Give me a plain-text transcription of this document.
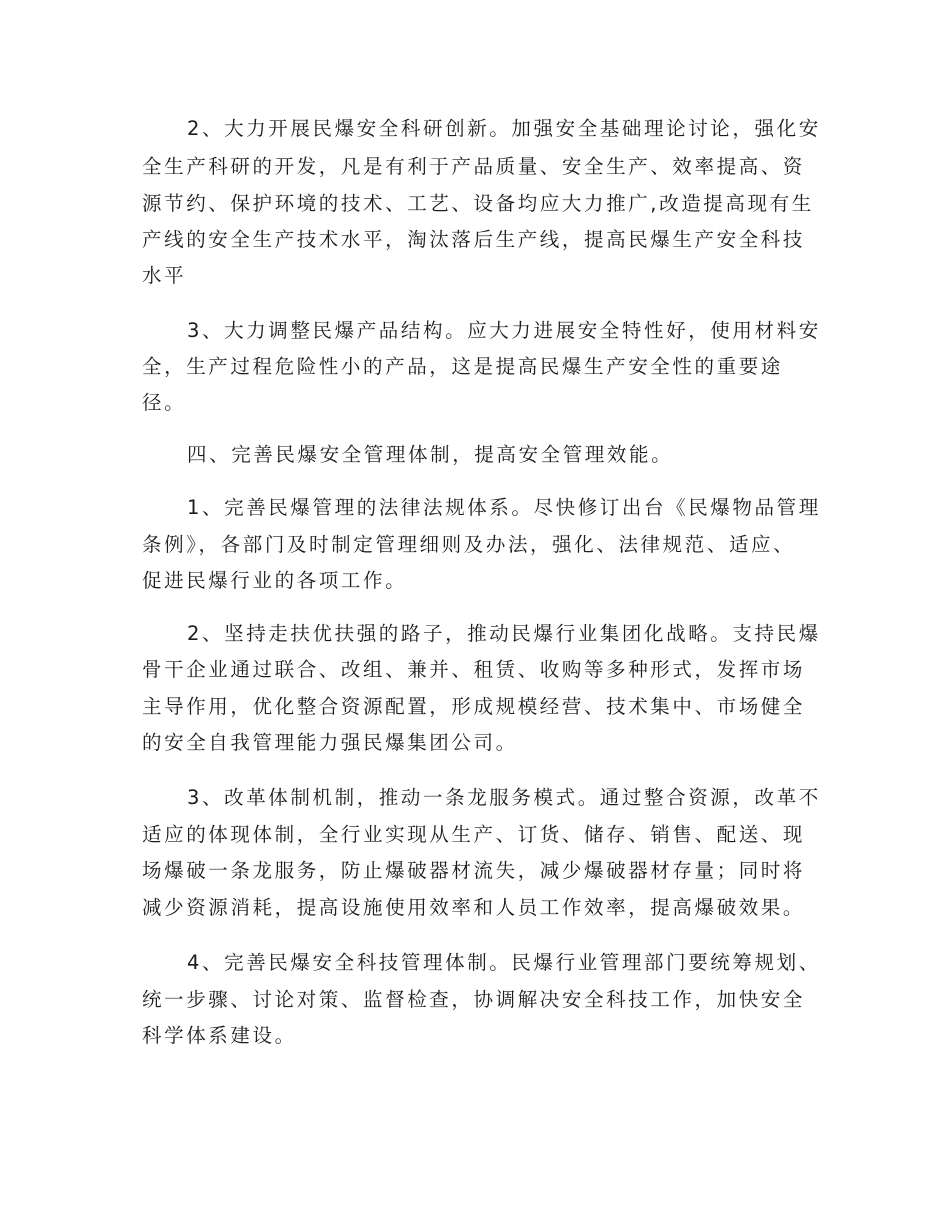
2、大力开展民爆安全科研创新。加强安全基础理论讨论，强化安
全生产科研的开发，凡是有利于产品质量、安全生产、效率提高、资
源节约、保护环境的技术、工艺、设备均应大力推广,改造提高现有生
产线的安全生产技术水平，淘汰落后生产线，提高民爆生产安全科技
水平
3、大力调整民爆产品结构。应大力进展安全特性好，使用材料安
全，生产过程危险性小的产品，这是提高民爆生产安全性的重要途
径。
四、完善民爆安全管理体制，提高安全管理效能。
1、完善民爆管理的法律法规体系。尽快修订出台《民爆物品管理
条例》，各部门及时制定管理细则及办法，强化、法律规范、适应、
促进民爆行业的各项工作。
2、坚持走扶优扶强的路子，推动民爆行业集团化战略。支持民爆
骨干企业通过联合、改组、兼并、租赁、收购等多种形式，发挥市场
主导作用，优化整合资源配置，形成规模经营、技术集中、市场健全
的安全自我管理能力强民爆集团公司。
3、改革体制机制，推动一条龙服务模式。通过整合资源，改革不
适应的体现体制，全行业实现从生产、订货、储存、销售、配送、现
场爆破一条龙服务，防止爆破器材流失，减少爆破器材存量；同时将
减少资源消耗，提高设施使用效率和人员工作效率，提高爆破效果。
4、完善民爆安全科技管理体制。民爆行业管理部门要统筹规划、
统一步骤、讨论对策、监督检查，协调解决安全科技工作，加快安全
科学体系建设。
